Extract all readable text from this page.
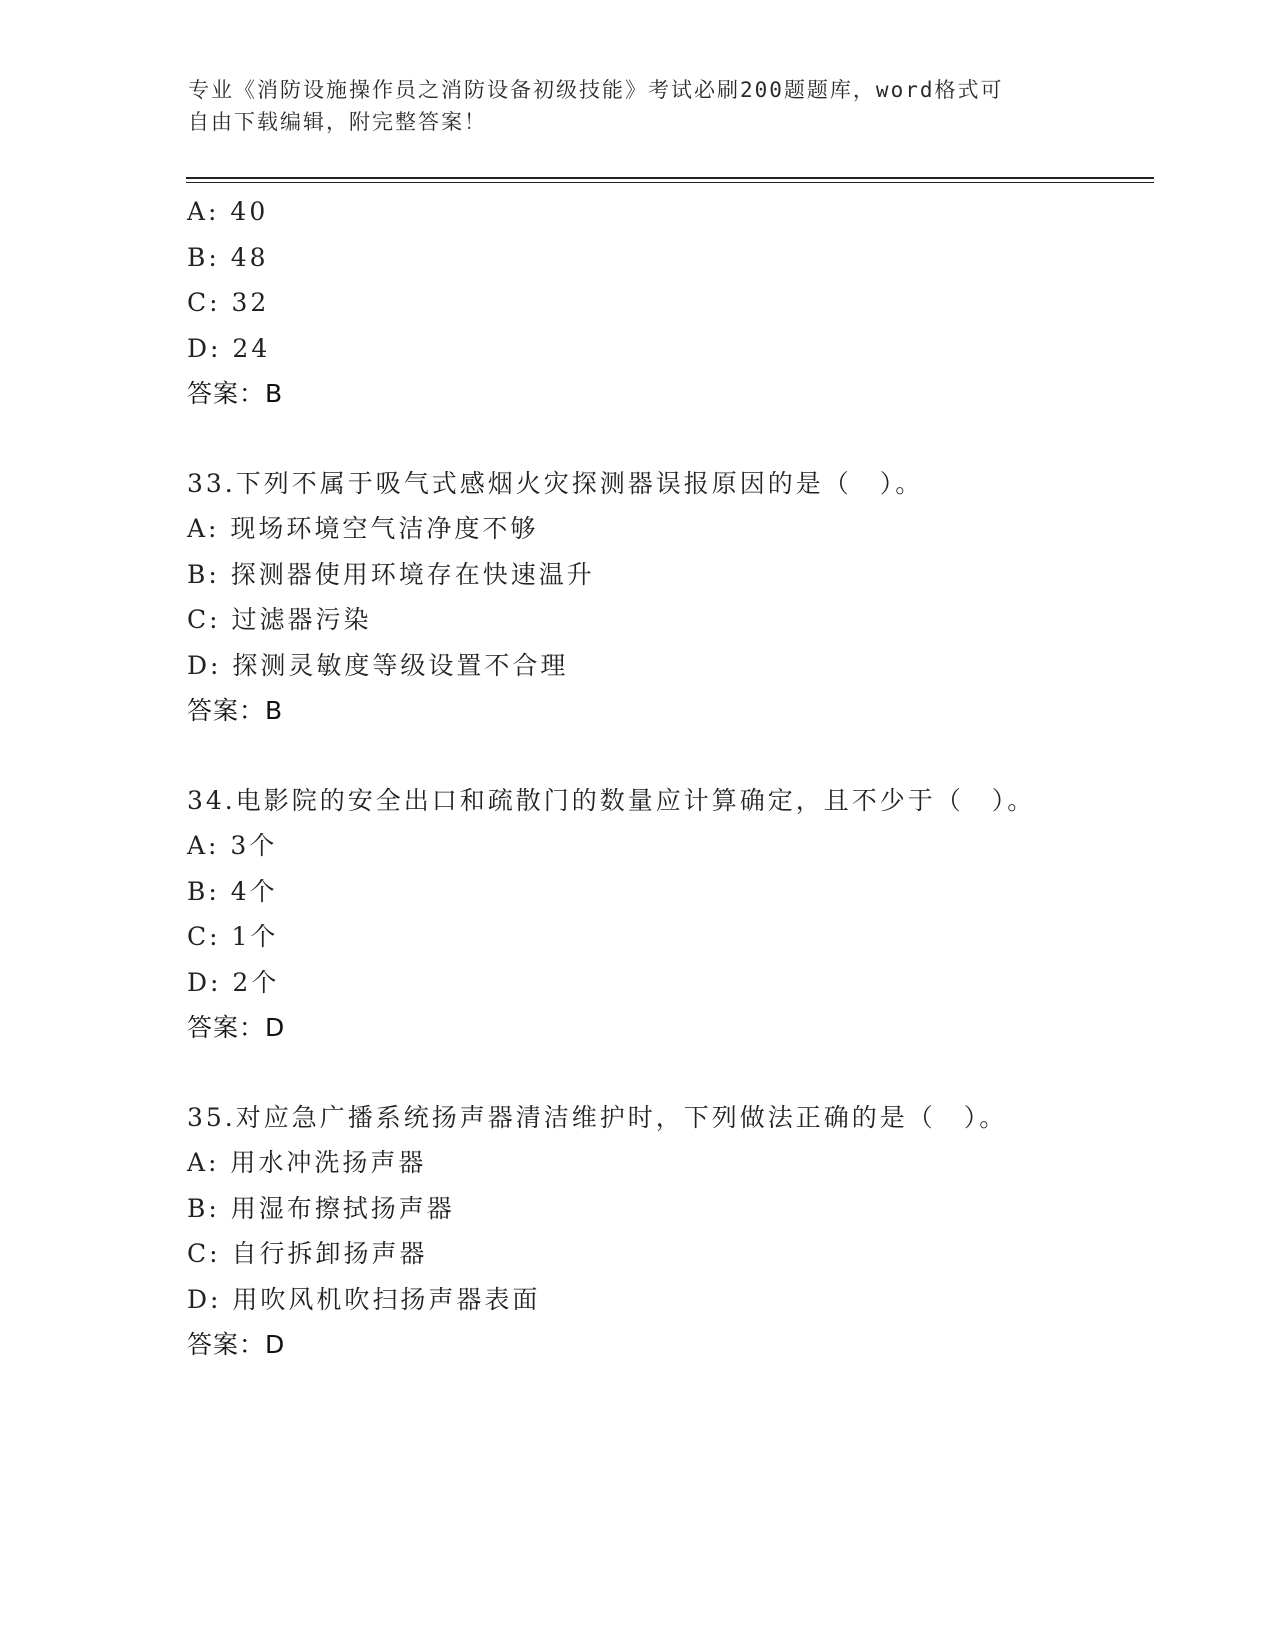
专业《消防设施操作员之消防设备初级技能》考试必刷200题题库，word格式可
自由下载编辑，附完整答案！
A: 40
B: 48
C: 32
D: 24
答案：B
33.下列不属于吸气式感烟火灾探测器误报原因的是（　）。
A: 现场环境空气洁净度不够
B: 探测器使用环境存在快速温升
C: 过滤器污染
D: 探测灵敏度等级设置不合理
答案：B
34.电影院的安全出口和疏散门的数量应计算确定，且不少于（　）。
A: 3个
B: 4个
C: 1个
D: 2个
答案：D
35.对应急广播系统扬声器清洁维护时，下列做法正确的是（　）。
A: 用水冲洗扬声器
B: 用湿布擦拭扬声器
C: 自行拆卸扬声器
D: 用吹风机吹扫扬声器表面
答案：D
